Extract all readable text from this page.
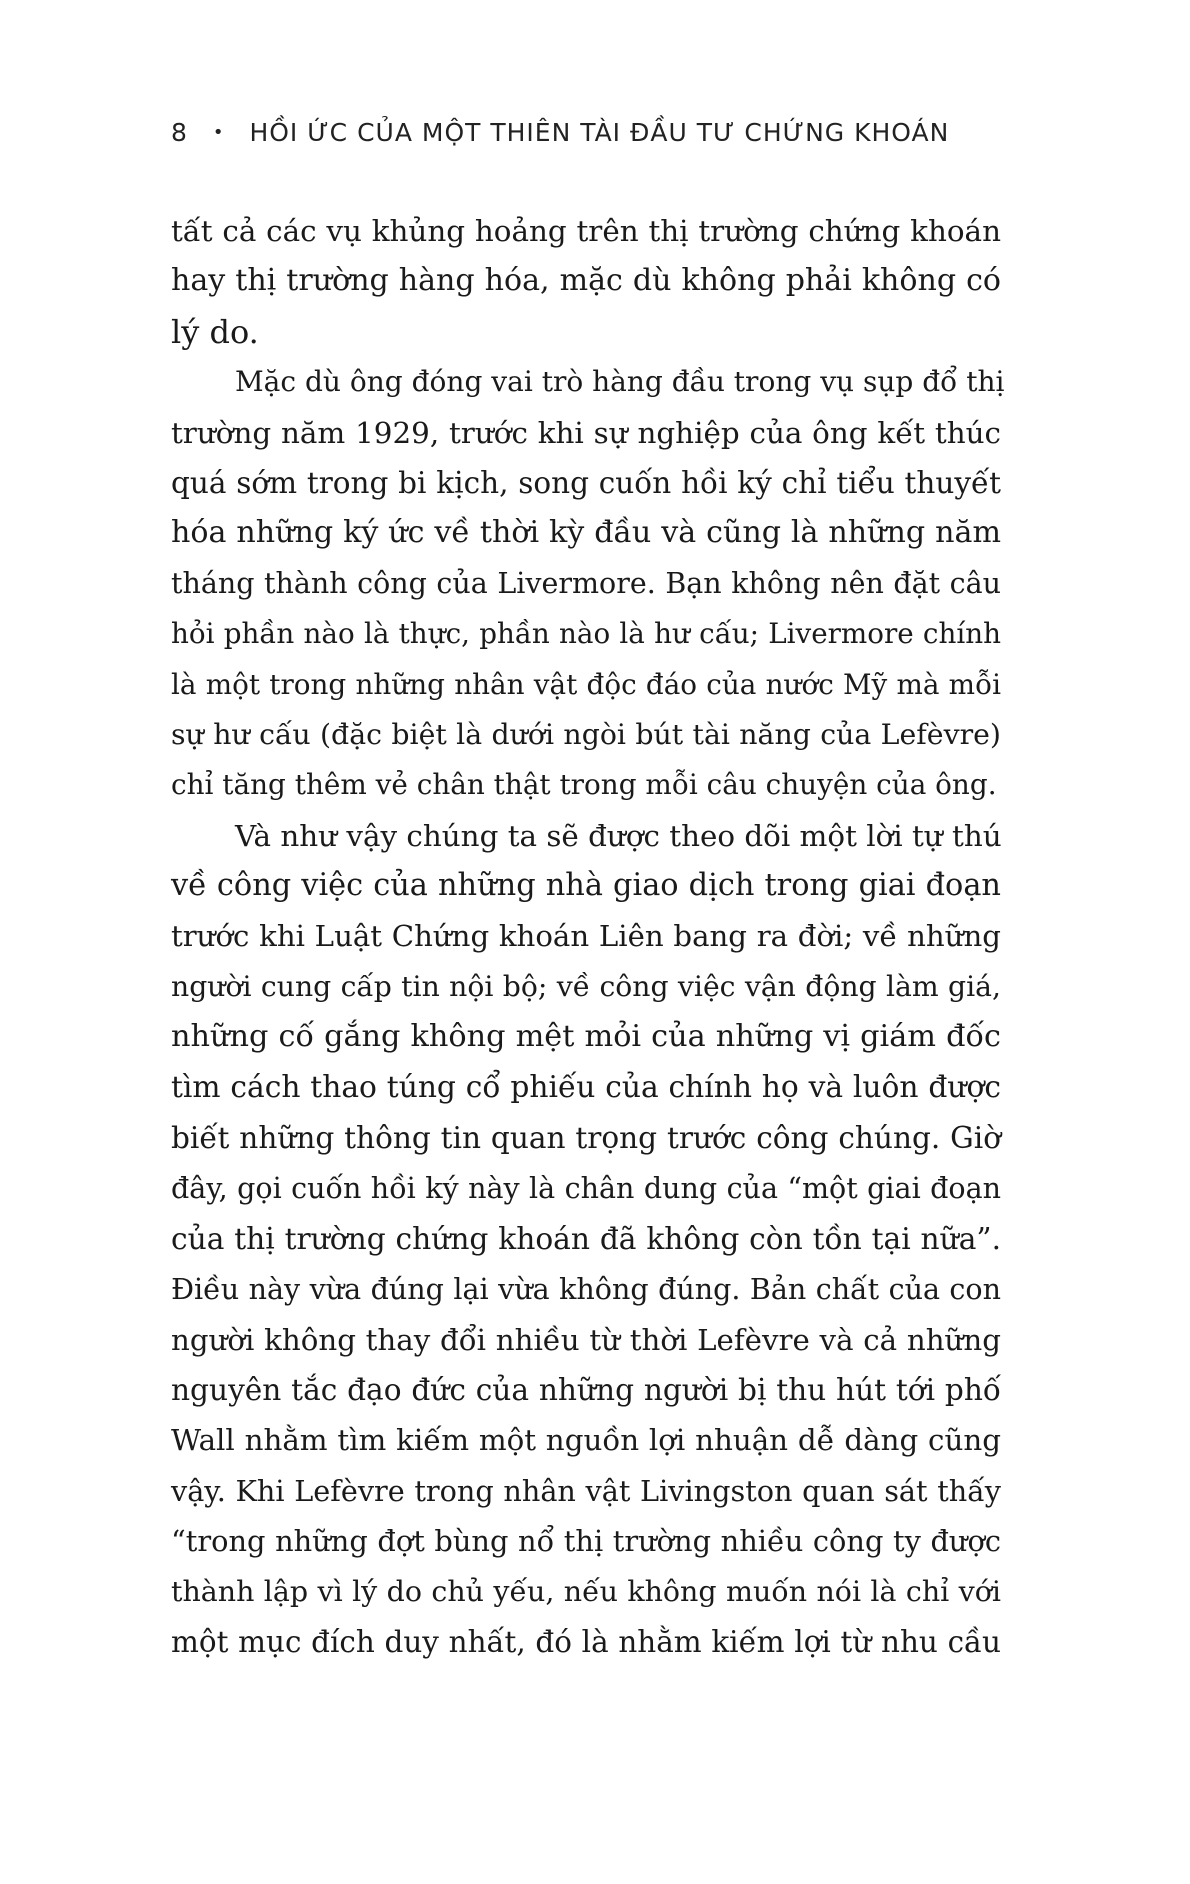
8 • HỒI ỨC CỦA MỘT THIÊN TÀI ĐẦU TƯ CHỨNG KHOÁN
tất cả các vụ khủng hoảng trên thị trường chứng khoán
hay thị trường hàng hóa, mặc dù không phải không có
lý do.
Mặc dù ông đóng vai trò hàng đầu trong vụ sụp đổ thị
trường năm 1929, trước khi sự nghiệp của ông kết thúc
quá sớm trong bi kịch, song cuốn hồi ký chỉ tiểu thuyết
hóa những ký ức về thời kỳ đầu và cũng là những năm
tháng thành công của Livermore. Bạn không nên đặt câu
hỏi phần nào là thực, phần nào là hư cấu; Livermore chính
là một trong những nhân vật độc đáo của nước Mỹ mà mỗi
sự hư cấu (đặc biệt là dưới ngòi bút tài năng của Lefèvre)
chỉ tăng thêm vẻ chân thật trong mỗi câu chuyện của ông.
Và như vậy chúng ta sẽ được theo dõi một lời tự thú
về công việc của những nhà giao dịch trong giai đoạn
trước khi Luật Chứng khoán Liên bang ra đời; về những
người cung cấp tin nội bộ; về công việc vận động làm giá,
những cố gắng không mệt mỏi của những vị giám đốc
tìm cách thao túng cổ phiếu của chính họ và luôn được
biết những thông tin quan trọng trước công chúng. Giờ
đây, gọi cuốn hồi ký này là chân dung của “một giai đoạn
của thị trường chứng khoán đã không còn tồn tại nữa”.
Điều này vừa đúng lại vừa không đúng. Bản chất của con
người không thay đổi nhiều từ thời Lefèvre và cả những
nguyên tắc đạo đức của những người bị thu hút tới phố
Wall nhằm tìm kiếm một nguồn lợi nhuận dễ dàng cũng
vậy. Khi Lefèvre trong nhân vật Livingston quan sát thấy
“trong những đợt bùng nổ thị trường nhiều công ty được
thành lập vì lý do chủ yếu, nếu không muốn nói là chỉ với
một mục đích duy nhất, đó là nhằm kiếm lợi từ nhu cầu
